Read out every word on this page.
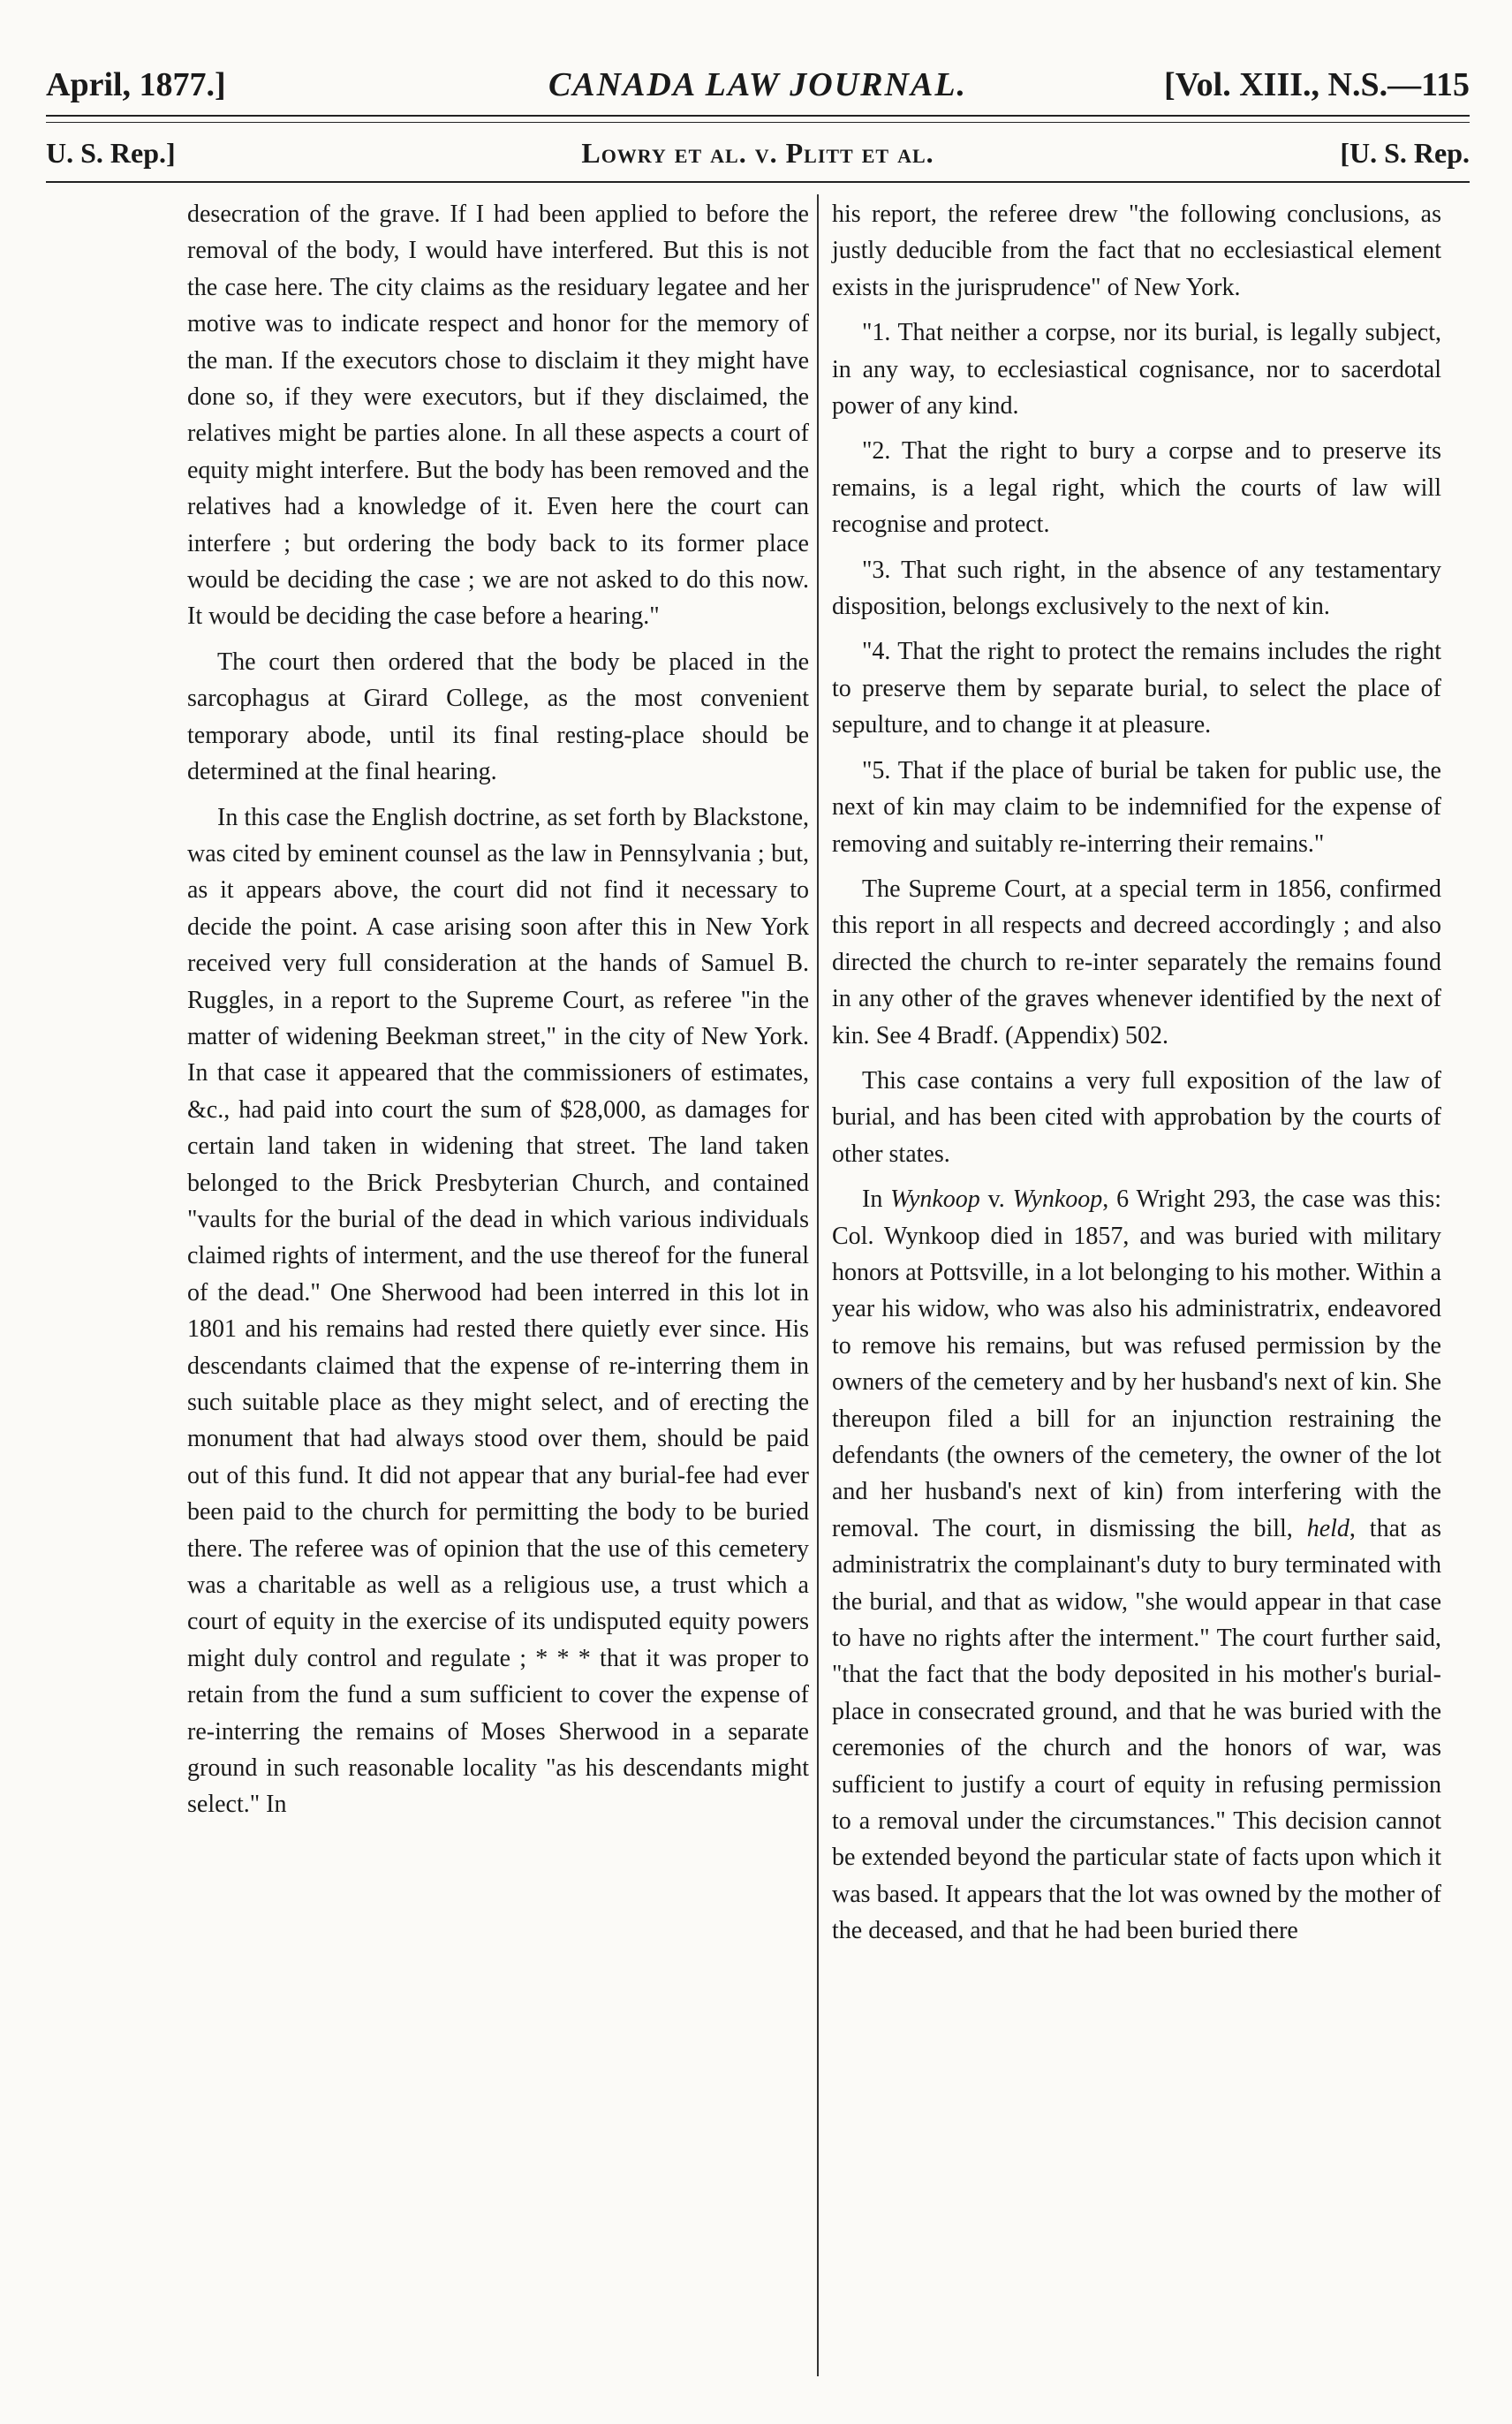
April, 1877.]	CANADA LAW JOURNAL.	[Vol. XIII., N.S.—115
U. S. Rep.]	Lowry et al. v. Plitt et al.	[U. S. Rep.

desecration of the grave. If I had been applied to before the removal of the body, I would have interfered. But this is not the case here. The city claims as the residuary legatee and her motive was to indicate respect and honor for the memory of the man. If the executors chose to disclaim it they might have done so, if they were executors, but if they disclaimed, the relatives might be parties alone. In all these aspects a court of equity might interfere. But the body has been removed and the relatives had a knowledge of it. Even here the court can interfere ; but ordering the body back to its former place would be deciding the case ; we are not asked to do this now. It would be deciding the case before a hearing."

The court then ordered that the body be placed in the sarcophagus at Girard College, as the most convenient temporary abode, until its final resting-place should be determined at the final hearing.

In this case the English doctrine, as set forth by Blackstone, was cited by eminent counsel as the law in Pennsylvania ; but, as it appears above, the court did not find it necessary to decide the point. A case arising soon after this in New York received very full consideration at the hands of Samuel B. Ruggles, in a report to the Supreme Court, as referee "in the matter of widening Beekman street," in the city of New York. In that case it appeared that the commissioners of estimates, &c., had paid into court the sum of $28,000, as damages for certain land taken in widening that street. The land taken belonged to the Brick Presbyterian Church, and contained "vaults for the burial of the dead in which various individuals claimed rights of interment, and the use thereof for the funeral of the dead." One Sherwood had been interred in this lot in 1801 and his remains had rested there quietly ever since. His descendants claimed that the expense of re-interring them in such suitable place as they might select, and of erecting the monument that had always stood over them, should be paid out of this fund. It did not appear that any burial-fee had ever been paid to the church for permitting the body to be buried there. The referee was of opinion that the use of this cemetery was a charitable as well as a religious use, a trust which a court of equity in the exercise of its undisputed equity powers might duly control and regulate ; * * * that it was proper to retain from the fund a sum sufficient to cover the expense of re-interring the remains of Moses Sherwood in a separate ground in such reasonable locality "as his descendants might select." In

his report, the referee drew "the following conclusions, as justly deducible from the fact that no ecclesiastical element exists in the jurisprudence" of New York.

"1. That neither a corpse, nor its burial, is legally subject, in any way, to ecclesiastical cognisance, nor to sacerdotal power of any kind.

"2. That the right to bury a corpse and to preserve its remains, is a legal right, which the courts of law will recognise and protect.

"3. That such right, in the absence of any testamentary disposition, belongs exclusively to the next of kin.

"4. That the right to protect the remains includes the right to preserve them by separate burial, to select the place of sepulture, and to change it at pleasure.

"5. That if the place of burial be taken for public use, the next of kin may claim to be indemnified for the expense of removing and suitably re-interring their remains."

The Supreme Court, at a special term in 1856, confirmed this report in all respects and decreed accordingly ; and also directed the church to re-inter separately the remains found in any other of the graves whenever identified by the next of kin. See 4 Bradf. (Appendix) 502.

This case contains a very full exposition of the law of burial, and has been cited with approbation by the courts of other states.

In Wynkoop v. Wynkoop, 6 Wright 293, the case was this: Col. Wynkoop died in 1857, and was buried with military honors at Pottsville, in a lot belonging to his mother. Within a year his widow, who was also his administratrix, endeavored to remove his remains, but was refused permission by the owners of the cemetery and by her husband's next of kin. She thereupon filed a bill for an injunction restraining the defendants (the owners of the cemetery, the owner of the lot and her husband's next of kin) from interfering with the removal. The court, in dismissing the bill, held, that as administratrix the complainant's duty to bury terminated with the burial, and that as widow, "she would appear in that case to have no rights after the interment." The court further said, "that the fact that the body deposited in his mother's burial-place in consecrated ground, and that he was buried with the ceremonies of the church and the honors of war, was sufficient to justify a court of equity in refusing permission to a removal under the circumstances." This decision cannot be extended beyond the particular state of facts upon which it was based. It appears that the lot was owned by the mother of the deceased, and that he had been buried there
